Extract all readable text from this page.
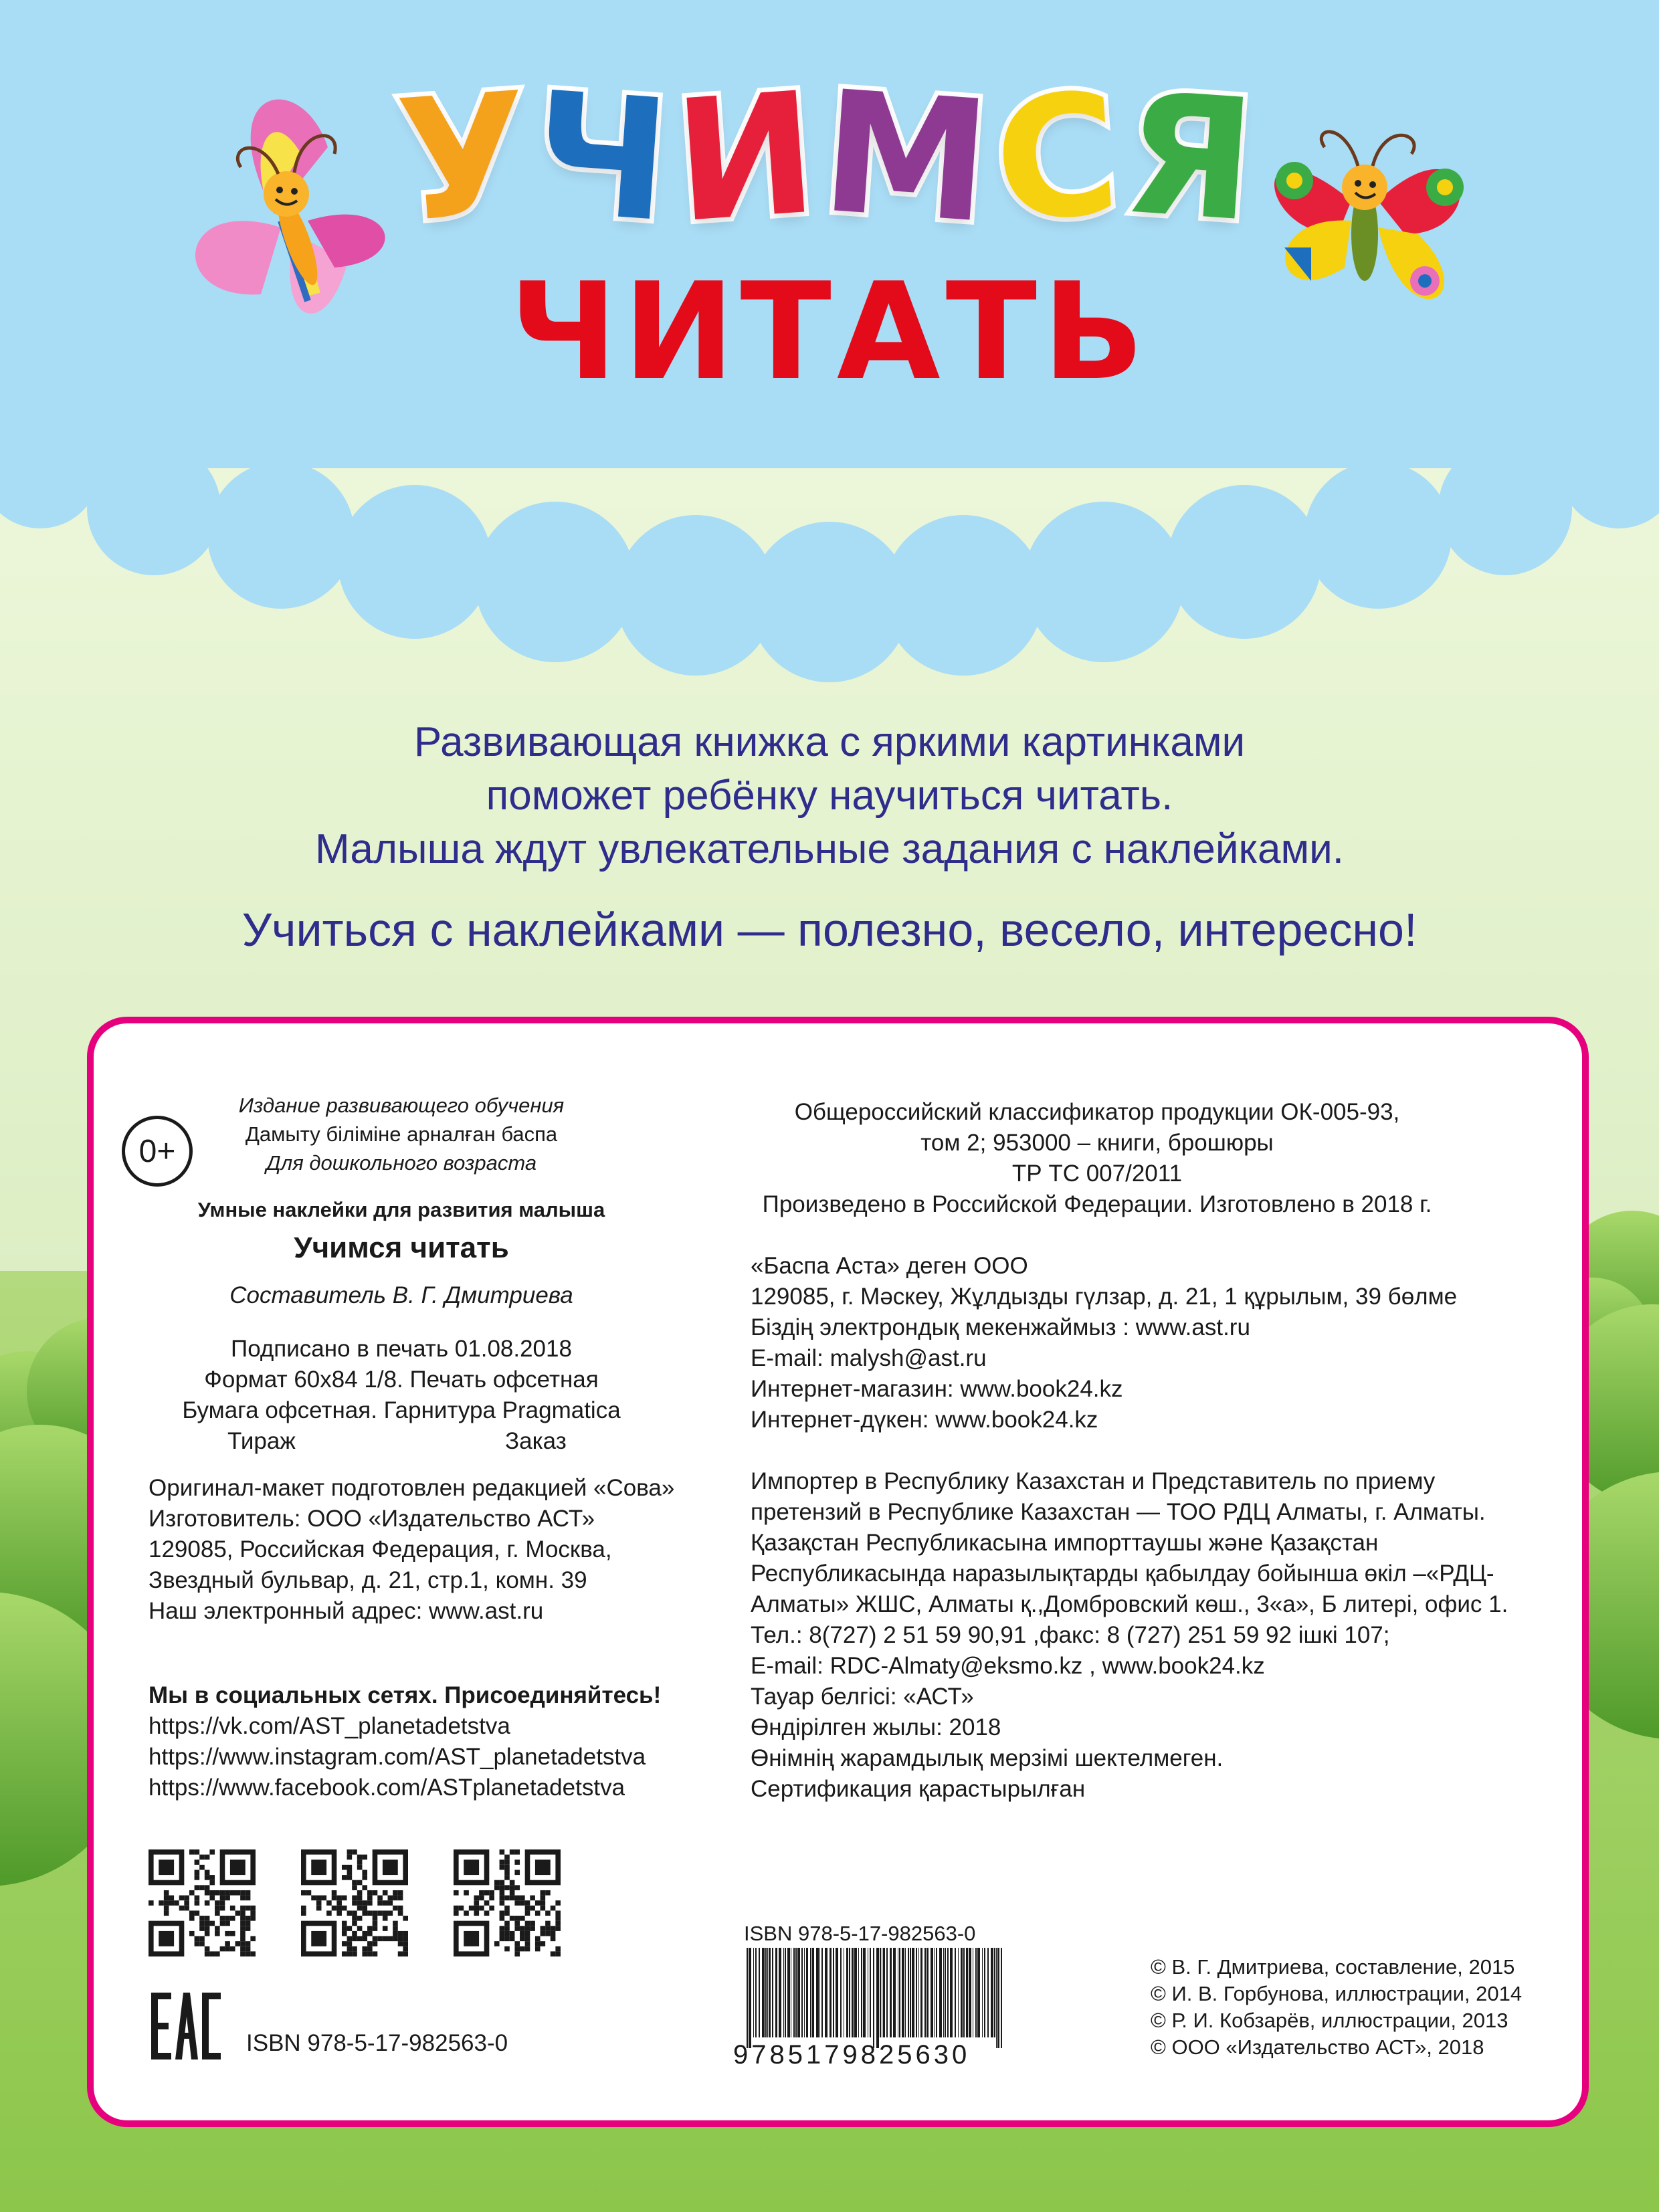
УЧИМСЯ
ЧИТАТЬ
Развивающая книжка с яркими картинками
поможет ребёнку научиться читать.
Малыша ждут увлекательные задания с наклейками.
Учиться с наклейками — полезно, весело, интересно!
0+
Издание развивающего обучения
Дамыту біліміне арналған баспа
Для дошкольного возраста
Умные наклейки для развития малыша
Учимся читать
Составитель В. Г. Дмитриева
Подписано в печать 01.08.2018
Формат 60х84 1/8. Печать офсетная
Бумага офсетная. Гарнитура Pragmatica
Тираж	Заказ
Оригинал-макет подготовлен редакцией «Сова»
Изготовитель: ООО «Издательство АСТ»
129085, Российская Федерация, г. Москва,
Звездный бульвар, д. 21, стр.1, комн. 39
Наш электронный адрес: www.ast.ru
Мы в социальных сетях. Присоединяйтесь!
https://vk.com/AST_planetadetstva
https://www.instagram.com/AST_planetadetstva
https://www.facebook.com/ASTplanetadetstva
ISBN 978-5-17-982563-0
Общероссийский классификатор продукции ОК-005-93,
том 2; 953000 – книги, брошюры
ТР ТС 007/2011
Произведено в Российской Федерации. Изготовлено в 2018 г.
«Баспа Аста» деген ООО
129085, г. Мәскеу, Жұлдызды гүлзар, д. 21, 1 құрылым, 39 бөлме
Біздің электрондық мекенжаймыз : www.ast.ru
E-mail: malysh@ast.ru
Интернет-магазин: www.book24.kz
Интернет-дүкен: www.book24.kz
Импортер в Республику Казахстан и Представитель по приему
претензий в Республике Казахстан — ТОО РДЦ Алматы, г. Алматы.
Қазақстан Республикасына импорттаушы және Қазақстан
Республикасында наразылықтарды қабылдау бойынша өкіл –«РДЦ-
Алматы» ЖШС, Алматы қ.,Домбровский көш., 3«а», Б литері, офис 1.
Тел.: 8(727) 2 51 59 90,91 ,факс: 8 (727) 251 59 92 ішкі 107;
E-mail: RDC-Almaty@eksmo.kz , www.book24.kz
Тауар белгісі: «АСТ»
Өндірілген жылы: 2018
Өнімнің жарамдылық мерзімі шектелмеген.
Сертификация қарастырылған
ISBN 978-5-17-982563-0
9785179825630
© В. Г. Дмитриева, составление, 2015
© И. В. Горбунова, иллюстрации, 2014
© Р. И. Кобзарёв, иллюстрации, 2013
© ООО «Издательство АСТ», 2018
